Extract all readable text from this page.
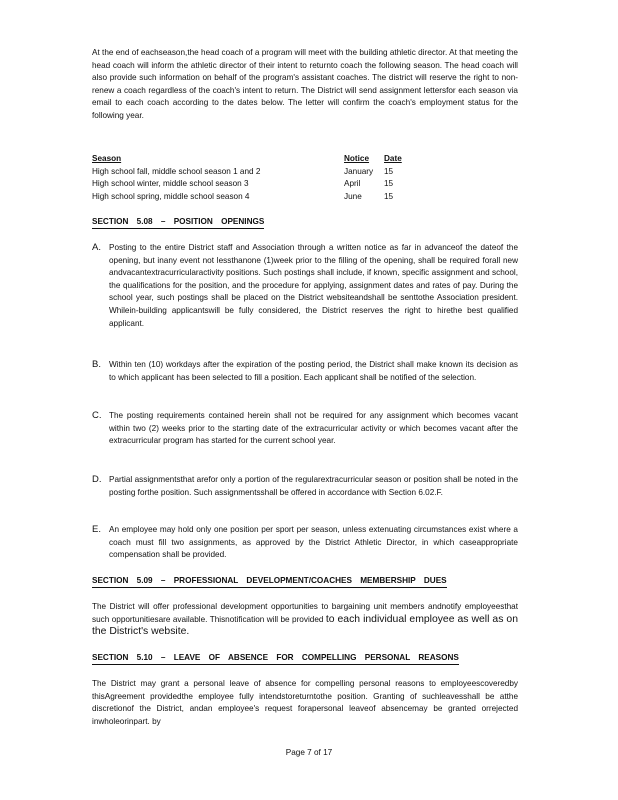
At the end of eachseason,the head coach of a program will meet with the building athletic director. At that meeting the head coach will inform the athletic director of their intent to returnto coach the following season. The head coach will also provide such information on behalf of the program's assistant coaches. The district will reserve the right to non-renew a coach regardless of the coach's intent to return. The District will send assignment lettersfor each season via email to each coach according to the dates below. The letter will confirm the coach's employment status for the following year.
Season	Notice	Date
High school fall, middle school season 1 and 2	January	15
High school winter, middle school season 3	April	15
High school spring, middle school season 4	June	15
SECTION 5.08 – POSITION OPENINGS
A. Posting to the entire District staff and Association through a written notice as far in advanceof the dateof the opening, but inany event not lessthanone (1)week prior to the filling of the opening, shall be required forall new andvacantextracurricularactivity positions. Such postings shall include, if known, specific assignment and school, the qualifications for the position, and the procedure for applying, assignment dates and rates of pay. During the school year, such postings shall be placed on the District websiteandshall be senttothe Association president. Whilein-building applicantswill be fully considered, the District reserves the right to hirethe best qualified applicant.
B. Within ten (10) workdays after the expiration of the posting period, the District shall make known its decision as to which applicant has been selected to fill a position. Each applicant shall be notified of the selection.
C. The posting requirements contained herein shall not be required for any assignment which becomes vacant within two (2) weeks prior to the starting date of the extracurricular activity or which becomes vacant after the extracurricular program has started for the current school year.
D. Partial assignmentsthat arefor only a portion of the regularextracurricular season or position shall be noted in the posting forthe position. Such assignmentsshall be offered in accordance with Section 6.02.F.
E. An employee may hold only one position per sport per season, unless extenuating circumstances exist where a coach must fill two assignments, as approved by the District Athletic Director, in which caseappropriate compensation shall be provided.
SECTION 5.09 – PROFESSIONAL DEVELOPMENT/COACHES MEMBERSHIP DUES
The District will offer professional development opportunities to bargaining unit members andnotify employeesthat such opportunitiesare available. Thisnotification will be provided to each individual employee as well as on the District's website.
SECTION 5.10 – LEAVE OF ABSENCE FOR COMPELLING PERSONAL REASONS
The District may grant a personal leave of absence for compelling personal reasons to employeescoveredby thisAgreement providedthe employee fully intendstoreturntothe position. Granting of suchleavesshall be atthe discretionof the District, andan employee's request forapersonal leaveof absencemay be granted orrejected inwholeorinpart. by
Page 7 of 17
